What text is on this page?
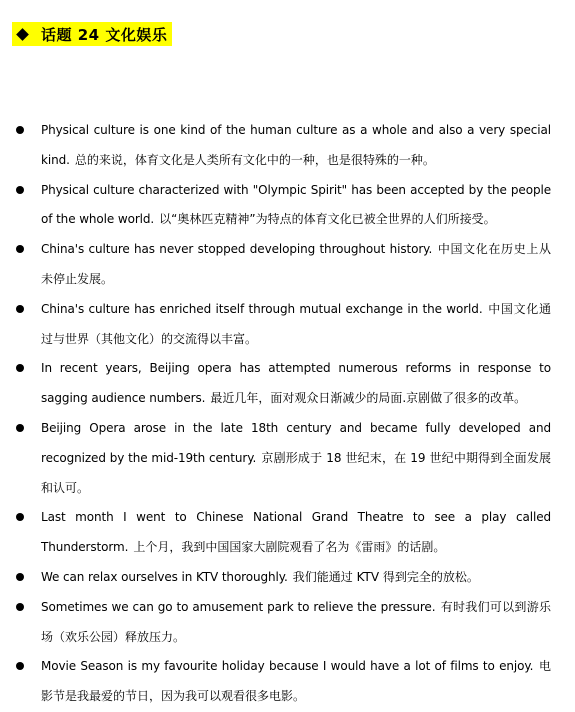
话题 24 文化娱乐
Physical culture is one kind of the human culture as a whole and also a very special kind. 总的来说，体育文化是人类所有文化中的一种，也是很特殊的一种。
Physical culture characterized with "Olympic Spirit" has been accepted by the people of the whole world. 以“奥林匹克精神”为特点的体育文化已被全世界的人们所接受。
China's culture has never stopped developing throughout history. 中国文化在历史上从未停止发展。
China's culture has enriched itself through mutual exchange in the world. 中国文化通过与世界（其他文化）的交流得以丰富。
In recent years, Beijing opera has attempted numerous reforms in response to sagging audience numbers. 最近几年，面对观众日渐减少的局面.京剧做了很多的改革。
Beijing Opera arose in the late 18th century and became fully developed and recognized by the mid-19th century. 京剧形成于 18 世纪末，在 19 世纪中期得到全面发展和认可。
Last month I went to Chinese National Grand Theatre to see a play called Thunderstorm. 上个月，我到中国国家大剧院观看了名为《雷雨》的话剧。
We can relax ourselves in KTV thoroughly. 我们能通过 KTV 得到完全的放松。
Sometimes we can go to amusement park to relieve the pressure. 有时我们可以到游乐场（欢乐公园）释放压力。
Movie Season is my favourite holiday because I would have a lot of films to enjoy. 电影节是我最爱的节日，因为我可以观看很多电影。
